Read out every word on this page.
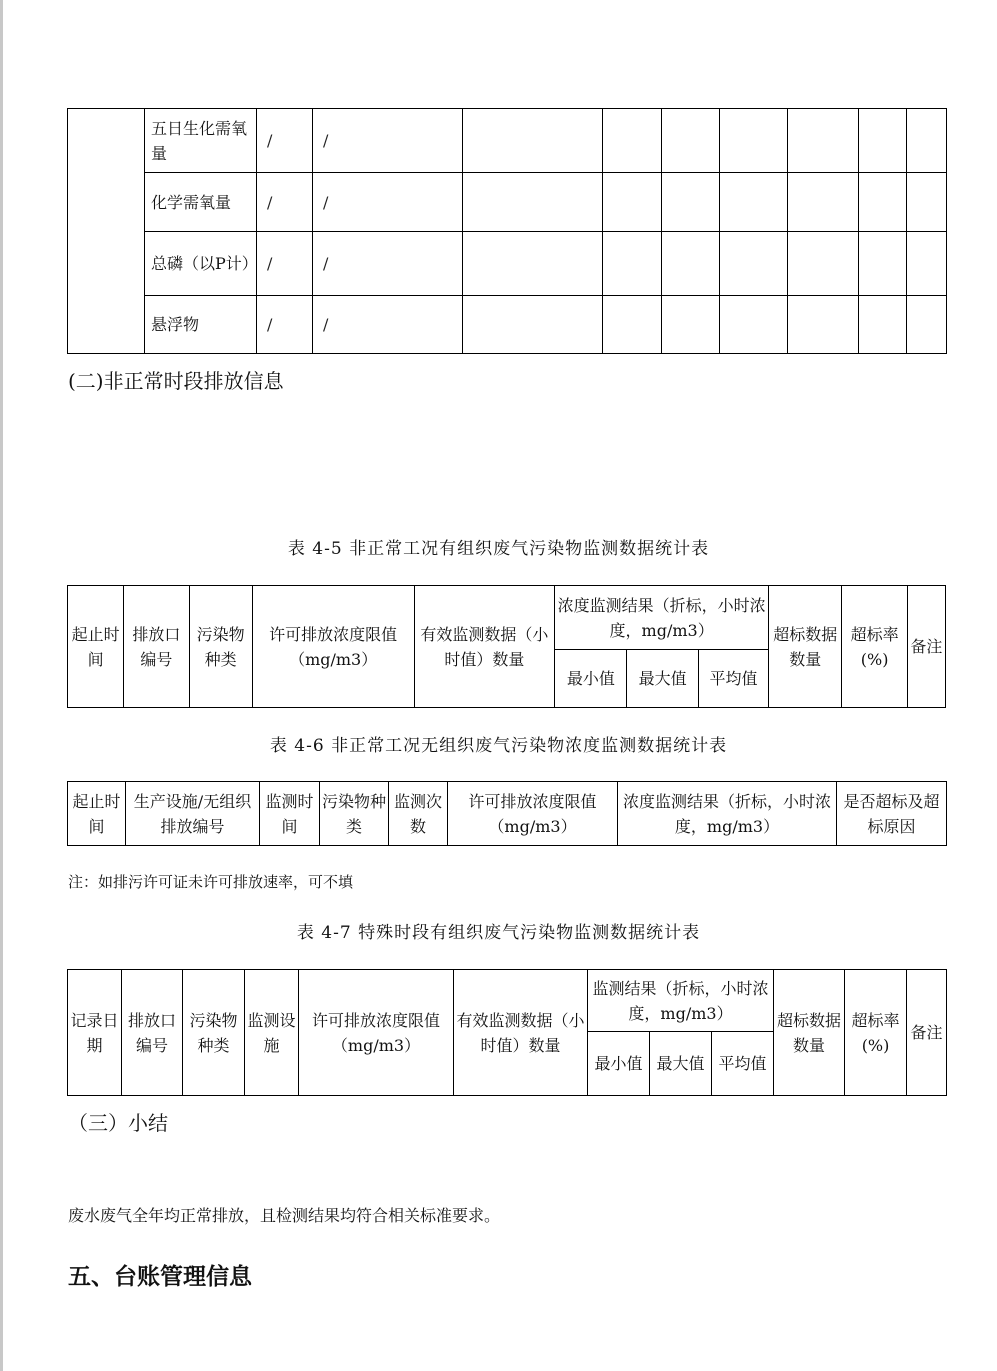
	五日生化需氧量	/	/							
	化学需氧量	/	/							
	总磷（以P计）	/	/							
	悬浮物	/	/							
(二)非正常时段排放信息
表 4-5 非正常工况有组织废气污染物监测数据统计表
起止时间	排放口编号	污染物种类	许可排放浓度限值（mg/m3）	有效监测数据（小时值）数量	浓度监测结果（折标，小时浓度，mg/m3）			超标数据数量	超标率(%)	备注
					最小值	最大值	平均值			
表 4-6 非正常工况无组织废气污染物浓度监测数据统计表
起止时间	生产设施/无组织排放编号	监测时间	污染物种类	监测次数	许可排放浓度限值（mg/m3）	浓度监测结果（折标，小时浓度，mg/m3）	是否超标及超标原因
注：如排污许可证未许可排放速率，可不填
表 4-7 特殊时段有组织废气污染物监测数据统计表
记录日期	排放口编号	污染物种类	监测设施	许可排放浓度限值（mg/m3）	有效监测数据（小时值）数量	监测结果（折标，小时浓度，mg/m3）			超标数据数量	超标率(%)	备注
						最小值	最大值	平均值			
（三）小结
废水废气全年均正常排放，且检测结果均符合相关标准要求。
五、台账管理信息
